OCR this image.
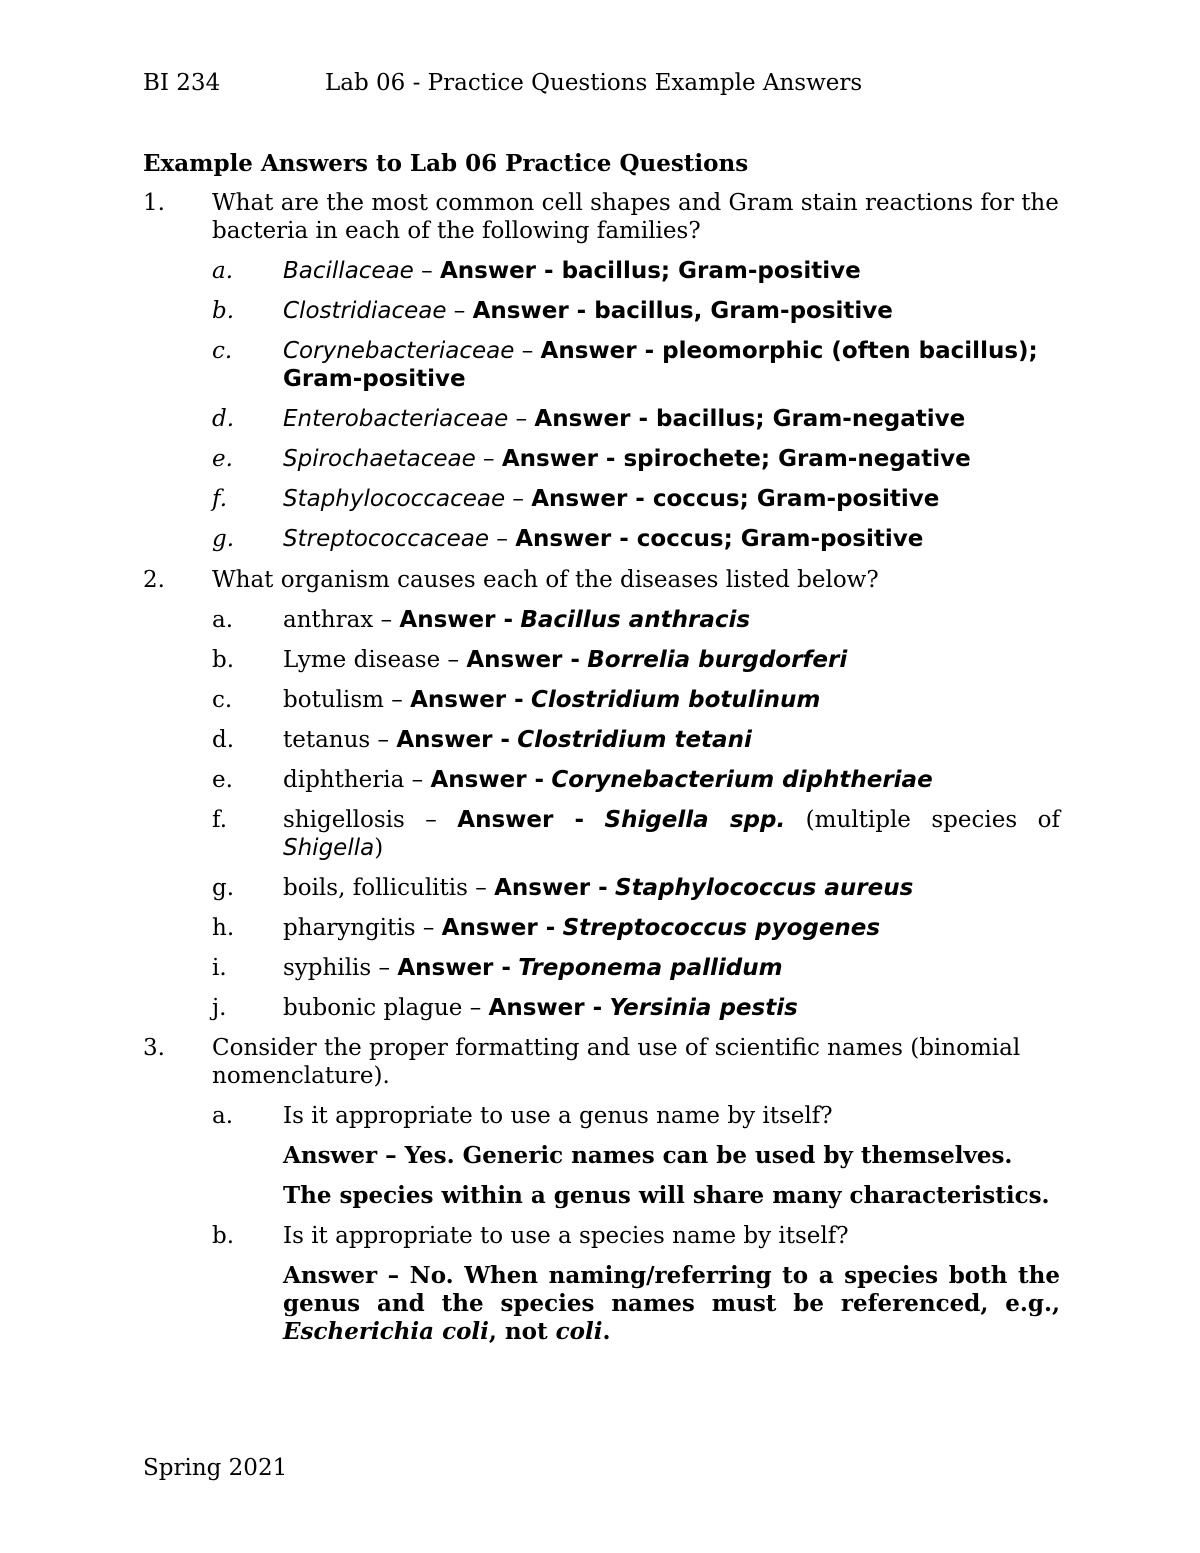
BI 234	Lab 06 - Practice Questions Example Answers
Example Answers to Lab 06 Practice Questions
1. What are the most common cell shapes and Gram stain reactions for the bacteria in each of the following families?
a. Bacillaceae – Answer - bacillus; Gram-positive
b. Clostridiaceae – Answer - bacillus, Gram-positive
c. Corynebacteriaceae – Answer - pleomorphic (often bacillus); Gram-positive
d. Enterobacteriaceae – Answer - bacillus; Gram-negative
e. Spirochaetaceae – Answer - spirochete; Gram-negative
f. Staphylococcaceae – Answer - coccus; Gram-positive
g. Streptococcaceae – Answer - coccus; Gram-positive
2. What organism causes each of the diseases listed below?
a. anthrax – Answer - Bacillus anthracis
b. Lyme disease – Answer - Borrelia burgdorferi
c. botulism – Answer - Clostridium botulinum
d. tetanus – Answer - Clostridium tetani
e. diphtheria – Answer - Corynebacterium diphtheriae
f. shigellosis – Answer - Shigella spp. (multiple species of Shigella)
g. boils, folliculitis – Answer - Staphylococcus aureus
h. pharyngitis – Answer - Streptococcus pyogenes
i. syphilis – Answer - Treponema pallidum
j. bubonic plague – Answer - Yersinia pestis
3. Consider the proper formatting and use of scientific names (binomial nomenclature).
a. Is it appropriate to use a genus name by itself?
Answer – Yes. Generic names can be used by themselves.
The species within a genus will share many characteristics.
b. Is it appropriate to use a species name by itself?
Answer – No. When naming/referring to a species both the genus and the species names must be referenced, e.g., Escherichia coli, not coli.
Spring 2021
